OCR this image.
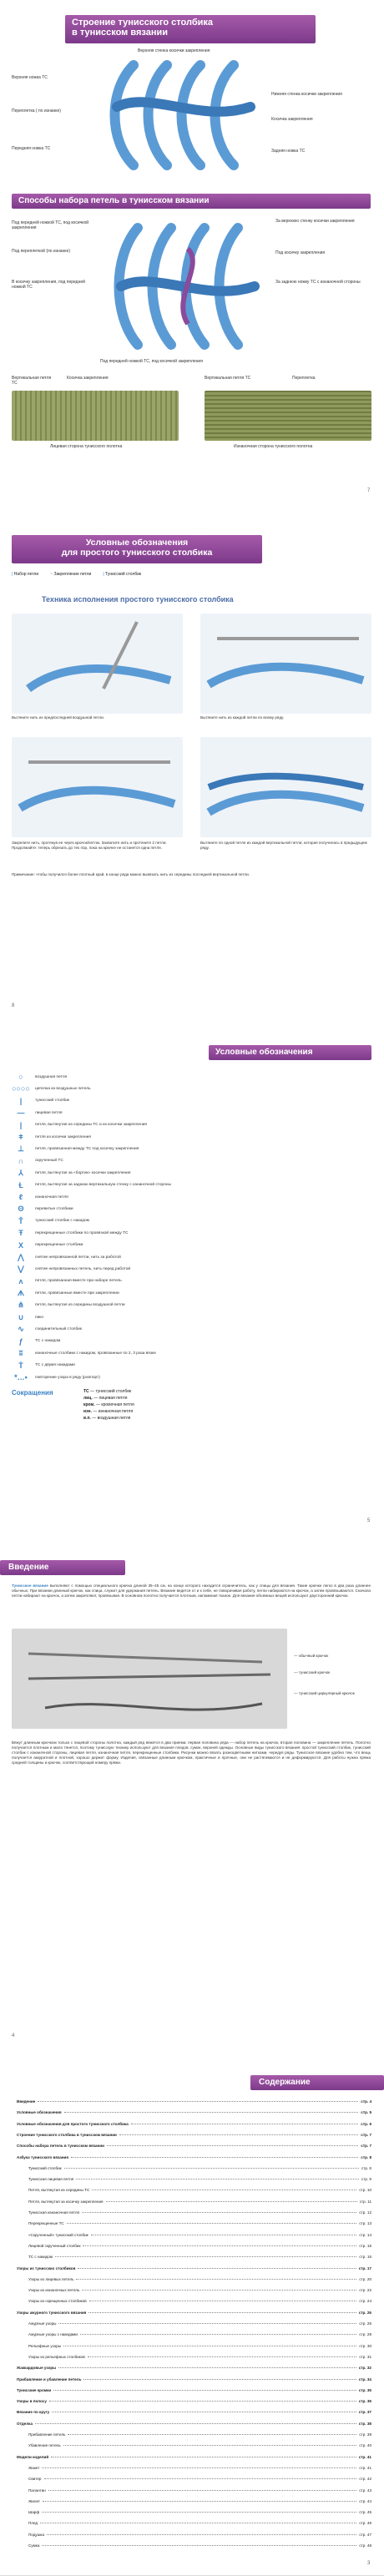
Строение тунисского столбика
в тунисском вязании
Верхняя стенка косички закрепления
Верхняя ножка ТС
Переплетка ( по изнанке)
Передняя ножка ТС
Нижняя стенка косички закрепления
Косичка закрепления
Задняя ножка ТС
Способы набора петель в тунисском вязании
Под передней ножкой ТС, под косичкой закрепления
Под переплеткой (по изнанке)
В косичку закрепления, под передней ножкой ТС
За верхнюю стенку косички закрепления
Под косичку закрепления
За заднюю ножку ТС с изнаночной стороны
Под передней ножкой ТС, под косичкой закрепления
Вертикальная петля ТС
Косичка закрепления
Лицевая сторона тунисского полотна
Вертикальная петля ТС	Переплетка
Изнаночная сторона тунисского полотна
7
Условные обозначения
для простого тунисского столбика
| Набор петли	~ Закрепление петли	| Тунисский столбик
Техника исполнения простого тунисского столбика
Вытяните нить из предпоследней воздушной петли.	Вытяните нить из каждой петли по всему ряду.
Закрепите нить, протянув ее через крючок/петлю. Захватите нить и протяните 2 петли. Продолжайте: теперь обрезать до тех пор, пока на крючке не останется одна петля.
Вытяните по одной петле из каждой вертикальной петли, которая получилась в предыдущем ряду.
Примечание: чтобы получился более плотный край, в конце ряда можно вывязать нить из середины последней вертикальной петли.
8
Условные обозначения
○	воздушная петля
○○○○ цепочка из воздушных петель
|	тунисский столбик
—	лицевая петля
|	петля, вытянутая из середины ТС и из косички закрепления
ǂ	петля из косички закрепления
⊥	петля, провязанная между ТС под косичку закрепления
∩	скрученный ТС
⅄	петля, вытянутая за «бортик» косички закрепления
Ɫ	петля, вытянутая за заднюю вертикальную стенку с изнаночной стороны
ℓ	изнаночная петля
ʘ	перевитые столбики
Ť	тунисский столбик с накидом
Ŧ	перекрещенные столбики по провязкой между ТС
X	перекрещенные столбики
⋀	снятие непровязанной петли, нить за работой
⋁	снятие непровязанных петель, нить перед работой
ʌ	петля, провязанная вместе при наборе петель
ᗑ	петли, провязанные вместе при закреплении
⋔	петля, вытянутая из середины воздушной петли
∪	пико
∿	соединительный столбик
ƒ	ТС с накидом
ʬ	изнаночные столбики с накидом, провязанные по 2, 3 раза вязке
Ṫ	ТС с двумя накидами
*…•	повторение узора в ряду (раппорт)
Сокращения	ТС — тунисский столбик
лиц. — лицевая петля
кром. — кромочная петля
изн. — изнаночная петля
в.п. — воздушная петля
5
Введение
Тунисское вязание выполняют с помощью специального крючка длиной 35–45 см, на конце которого находится ограничитель, как у спицы для вязания. Такие крючки легко в два раза длиннее обычных. При вязании длинный крючок, как спица, служит для удержания петель. Вязание ведется от и к себе, не поворачивая работу, петли набираются на крючок, а затем провязываются. Сначала петли набирают на крючок, а затем закрепляют, провязывая. В основном полотно получается плотным, напоминая тканое. Для вязания объёмных вещей используют двусторонний крючок.
— обычный крючок
— тунисский крючок
— тунисский циркулярный крючок
Вяжут длинным крючком только с лицевой стороны полотна, каждый ряд вяжется в два приема: первая половина ряда — набор петель на крючок, вторая половина — закрепление петель. Полотно получается плотным и мало тянется, поэтому тунисскую технику используют для вязания пледов, сумок, верхней одежды. Основные виды тунисского вязания: простой тунисский столбик, тунисский столбик с изнаночной стороны, лицевая петля, изнаночная петля, перекрещенные столбики. Рисунки можно вязать разноцветными нитками, чередуя ряды. Тунисское вязание удобно тем, что вещь получается аккуратной и плотной, хорошо держит форму. Изделия, связанные длинным крючком, практичные и прочные, они не растягиваются и не деформируются. Для работы нужна пряжа средней толщины и крючок, соответствующий номеру пряжи.
4
Содержание
Введение	стр. 4
Условные обозначения	стр. 5
Условные обозначения для простого тунисского столбика	стр. 6
Строение тунисского столбика в тунисском вязании	стр. 7
Способы набора петель в тунисском вязании	стр. 7
Азбука тунисского вязания	стр. 8
Тунисский столбик	стр. 8
Тунисская лицевая петля	стр. 9
Петля, вытянутая из середины ТС	стр. 10
Петля, вытянутая за косичку закрепления	стр. 11
Тунисская изнаночная петля	стр. 12
Перекрещенные ТС	стр. 13
«Скрученный» тунисский столбик	стр. 14
Лицевой скрученный столбик	стр. 15
ТС с накидом	стр. 16
Узоры из тунисских столбиков	стр. 17
Узоры из лицевых петель	стр. 20
Узоры из изнаночных петель	стр. 22
Узоры из скрещенных столбиков	стр. 24
Узоры ажурного тунисского вязания	стр. 26
Ажурные узоры	стр. 26
Ажурные узоры с накидами	стр. 28
Рельефные узоры	стр. 30
Узоры из рельефных столбиков	стр. 31
Жаккардовые узоры	стр. 32
Прибавление и убавление петель	стр. 34
Тунисские кромки	стр. 35
Узоры в полосу	стр. 36
Вязание по кругу	стр. 37
Отделка	стр. 38
Прибавление петель	стр. 39
Убавление петель	стр. 40
Модели изделий	стр. 41
Жакет	стр. 41
Свитер	стр. 42
Палантин	стр. 43
Жилет	стр. 44
Шарф	стр. 45
Плед	стр. 46
Подушка	стр. 47
Сумка	стр. 48
3
